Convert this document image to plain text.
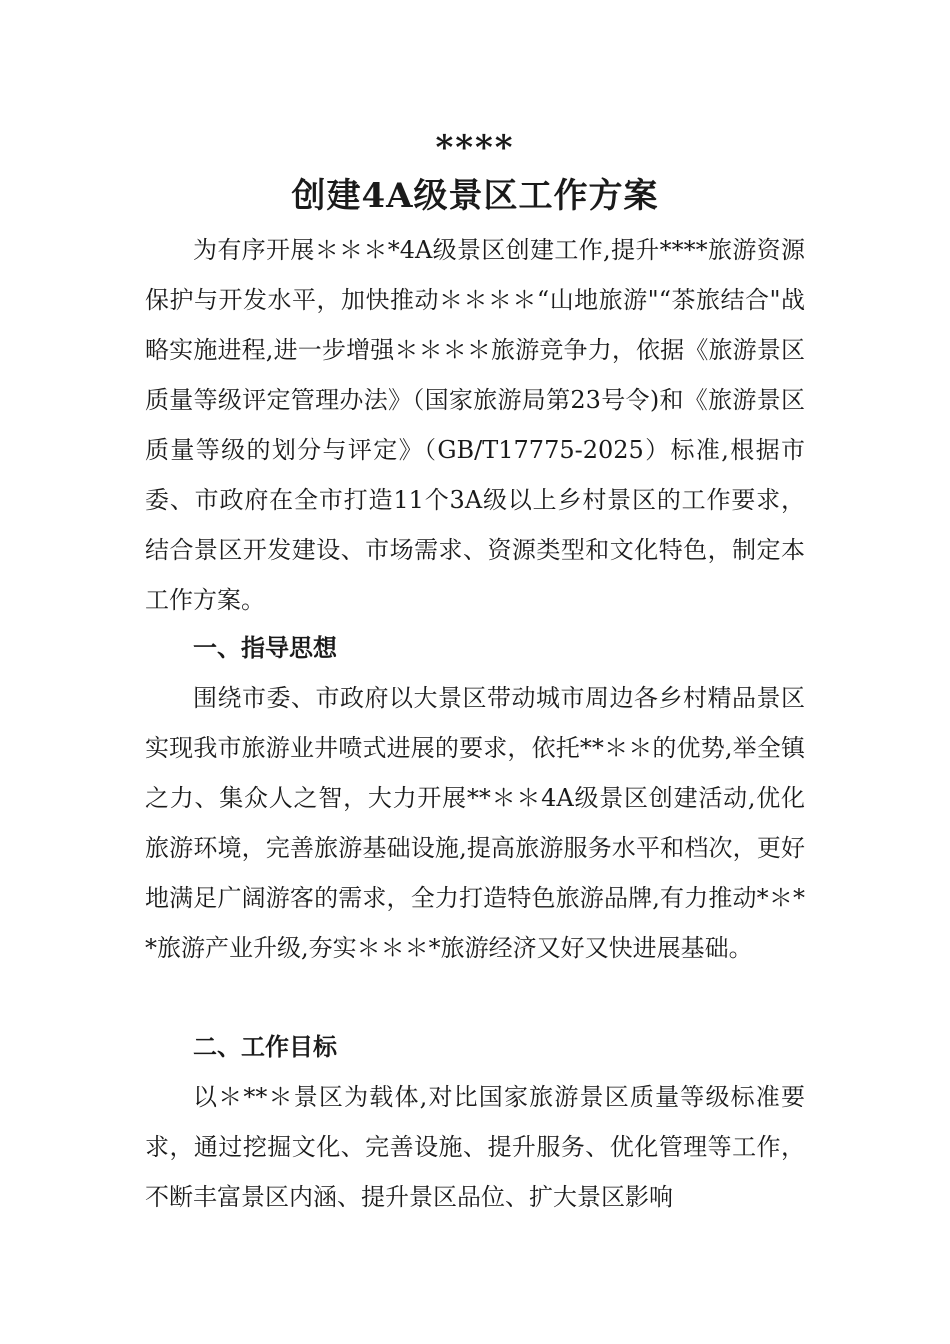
****
创建4A级景区工作方案

为有序开展＊＊＊*4A级景区创建工作,提升****旅游资源保护与开发水平，加快推动＊＊＊＊“山地旅游"“茶旅结合"战略实施进程,进一步增强＊＊＊＊旅游竞争力，依据《旅游景区质量等级评定管理办法》（国家旅游局第23号令)和《旅游景区质量等级的划分与评定》（GB/T17775-2025）标准,根据市委、市政府在全市打造11个3A级以上乡村景区的工作要求，结合景区开发建设、市场需求、资源类型和文化特色，制定本工作方案。

一、指导思想

围绕市委、市政府以大景区带动城市周边各乡村精品景区实现我市旅游业井喷式进展的要求，依托**＊＊的优势,举全镇之力、集众人之智，大力开展**＊＊4A级景区创建活动,优化旅游环境，完善旅游基础设施,提高旅游服务水平和档次，更好地满足广阔游客的需求，全力打造特色旅游品牌,有力推动*＊**旅游产业升级,夯实＊＊＊*旅游经济又好又快进展基础。

二、工作目标

以＊**＊景区为载体,对比国家旅游景区质量等级标准要求，通过挖掘文化、完善设施、提升服务、优化管理等工作，不断丰富景区内涵、提升景区品位、扩大景区影响
